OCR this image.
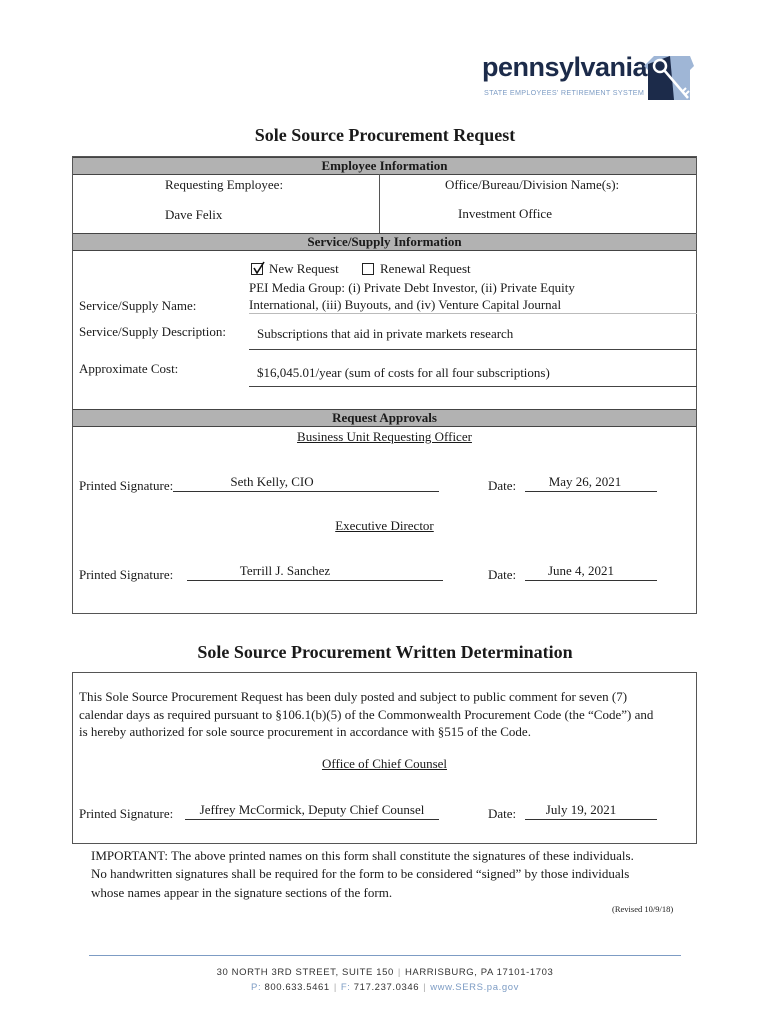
pennsylvania
STATE EMPLOYEES' RETIREMENT SYSTEM
Sole Source Procurement Request
Employee Information
Requesting Employee:
Dave Felix
Office/Bureau/Division Name(s):
Investment Office
Service/Supply Information
New Request	Renewal Request
Service/Supply Name:
PEI Media Group: (i) Private Debt Investor, (ii) Private Equity
International, (iii) Buyouts, and (iv) Venture Capital Journal
Service/Supply Description: Subscriptions that aid in private markets research
Approximate Cost:	$16,045.01/year (sum of costs for all four subscriptions)
Request Approvals
Business Unit Requesting Officer
Printed Signature:	Seth Kelly, CIO	Date:	May 26, 2021
Executive Director
Printed Signature:	Terrill J. Sanchez	Date:	June 4, 2021
Sole Source Procurement Written Determination
This Sole Source Procurement Request has been duly posted and subject to public comment for seven (7)
calendar days as required pursuant to §106.1(b)(5) of the Commonwealth Procurement Code (the “Code”) and
is hereby authorized for sole source procurement in accordance with §515 of the Code.
Office of Chief Counsel
Printed Signature:	Jeffrey McCormick, Deputy Chief Counsel	Date:	July 19, 2021
IMPORTANT: The above printed names on this form shall constitute the signatures of these individuals.
No handwritten signatures shall be required for the form to be considered “signed” by those individuals
whose names appear in the signature sections of the form.
(Revised 10/9/18)
30 NORTH 3RD STREET, SUITE 150 | HARRISBURG, PA 17101-1703
P: 800.633.5461 | F: 717.237.0346 | www.SERS.pa.gov
